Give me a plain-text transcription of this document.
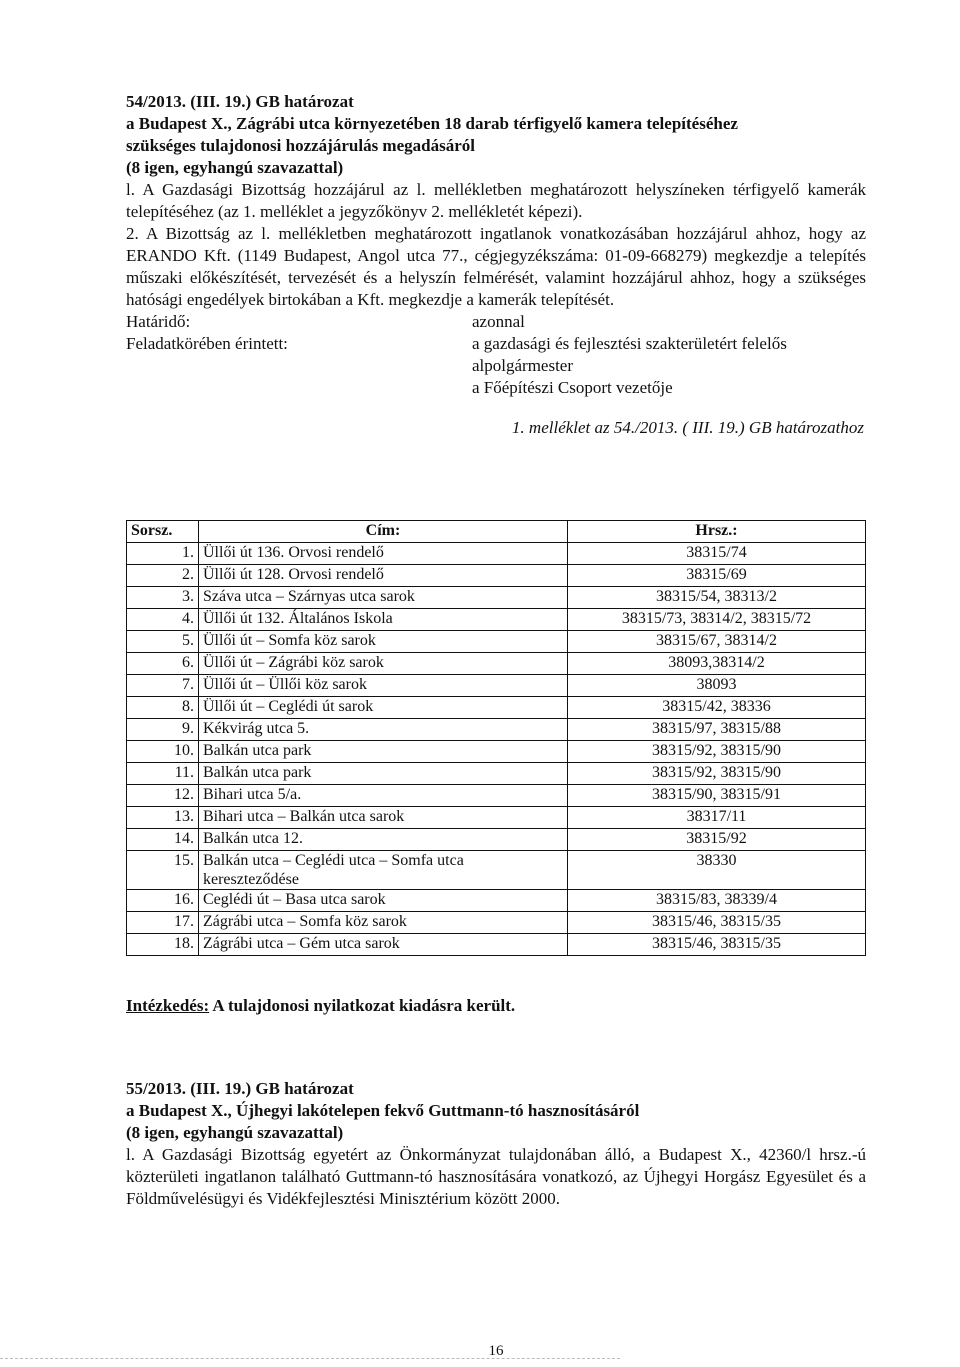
54/2013. (III. 19.) GB határozat

a Budapest X., Zágrábi utca környezetében 18 darab térfigyelő kamera telepítéséhez

szükséges tulajdonosi hozzájárulás megadásáról

(8 igen, egyhangú szavazattal)

l. A Gazdasági Bizottság hozzájárul az l. mellékletben meghatározott helyszíneken térfigyelő kamerák telepítéséhez (az 1. melléklet a jegyzőkönyv 2. mellékletét képezi).

2. A Bizottság az l. mellékletben meghatározott ingatlanok vonatkozásában hozzájárul ahhoz, hogy az ERANDO Kft. (1149 Budapest, Angol utca 77., cégjegyzékszáma: 01-09-668279) megkezdje a telepítés műszaki előkészítését, tervezését és a helyszín felmérését, valamint hozzájárul ahhoz, hogy a szükséges hatósági engedélyek birtokában a Kft. megkezdje a kamerák telepítését.

Határidő:	azonnal
Feladatkörében érintett:	a gazdasági és fejlesztési szakterületért felelős
alpolgármester
a Főépítészi Csoport vezetője

1. melléklet az 54./2013. ( III. 19.) GB határozathoz

Sorsz.	Cím:	Hrsz.:
1.	Üllői út 136. Orvosi rendelő	38315/74
2.	Üllői út 128. Orvosi rendelő	38315/69
3.	Száva utca – Szárnyas utca sarok	38315/54, 38313/2
4.	Üllői út 132. Általános Iskola	38315/73, 38314/2, 38315/72
5.	Üllői út – Somfa köz sarok	38315/67, 38314/2
6.	Üllői út – Zágrábi köz sarok	38093,38314/2
7.	Üllői út – Üllői köz sarok	38093
8.	Üllői út – Ceglédi út sarok	38315/42, 38336
9.	Kékvirág utca 5.	38315/97, 38315/88
10.	Balkán utca park	38315/92, 38315/90
11.	Balkán utca park	38315/92, 38315/90
12.	Bihari utca 5/a.	38315/90, 38315/91
13.	Bihari utca – Balkán utca sarok	38317/11
14.	Balkán utca 12.	38315/92
15.	Balkán utca – Ceglédi utca – Somfa utca kereszteződése	38330
16.	Ceglédi út – Basa utca sarok	38315/83, 38339/4
17.	Zágrábi utca – Somfa köz sarok	38315/46, 38315/35
18.	Zágrábi utca – Gém utca sarok	38315/46, 38315/35
Intézkedés: A tulajdonosi nyilatkozat kiadásra került.

55/2013. (III. 19.) GB határozat

a Budapest X., Újhegyi lakótelepen fekvő Guttmann-tó hasznosításáról

(8 igen, egyhangú szavazattal)

l. A Gazdasági Bizottság egyetért az Önkormányzat tulajdonában álló, a Budapest X., 42360/l hrsz.-ú közterületi ingatlanon található Guttmann-tó hasznosítására vonatkozó, az Újhegyi Horgász Egyesület és a Földművelésügyi és Vidékfejlesztési Minisztérium között 2000.

16
